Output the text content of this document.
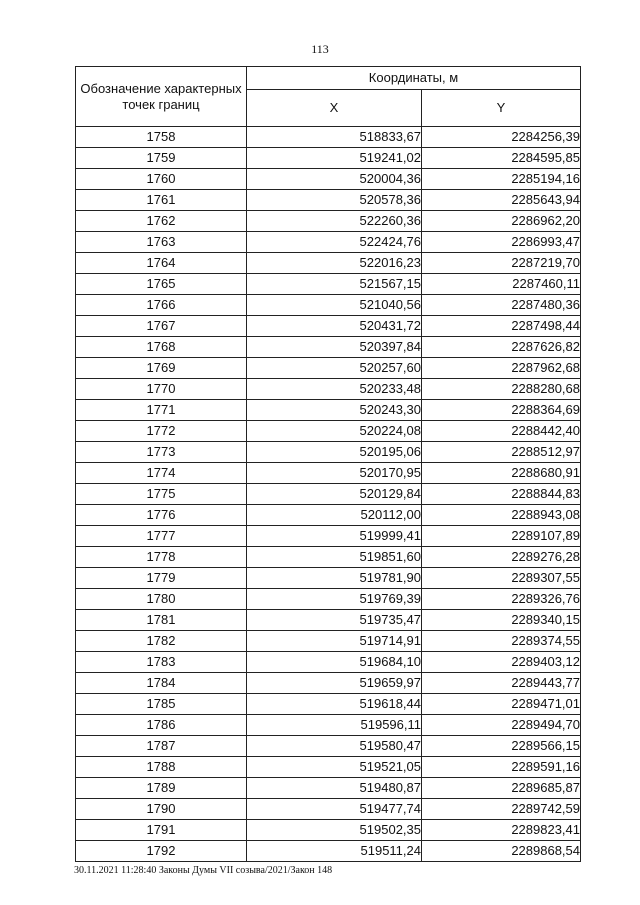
113
Обозначение характерных точек границ	Координаты, м	
	X	Y
1758	518833,67	2284256,39
1759	519241,02	2284595,85
1760	520004,36	2285194,16
1761	520578,36	2285643,94
1762	522260,36	2286962,20
1763	522424,76	2286993,47
1764	522016,23	2287219,70
1765	521567,15	2287460,11
1766	521040,56	2287480,36
1767	520431,72	2287498,44
1768	520397,84	2287626,82
1769	520257,60	2287962,68
1770	520233,48	2288280,68
1771	520243,30	2288364,69
1772	520224,08	2288442,40
1773	520195,06	2288512,97
1774	520170,95	2288680,91
1775	520129,84	2288844,83
1776	520112,00	2288943,08
1777	519999,41	2289107,89
1778	519851,60	2289276,28
1779	519781,90	2289307,55
1780	519769,39	2289326,76
1781	519735,47	2289340,15
1782	519714,91	2289374,55
1783	519684,10	2289403,12
1784	519659,97	2289443,77
1785	519618,44	2289471,01
1786	519596,11	2289494,70
1787	519580,47	2289566,15
1788	519521,05	2289591,16
1789	519480,87	2289685,87
1790	519477,74	2289742,59
1791	519502,35	2289823,41
1792	519511,24	2289868,54
30.11.2021 11:28:40 Законы Думы VII созыва/2021/Закон 148
